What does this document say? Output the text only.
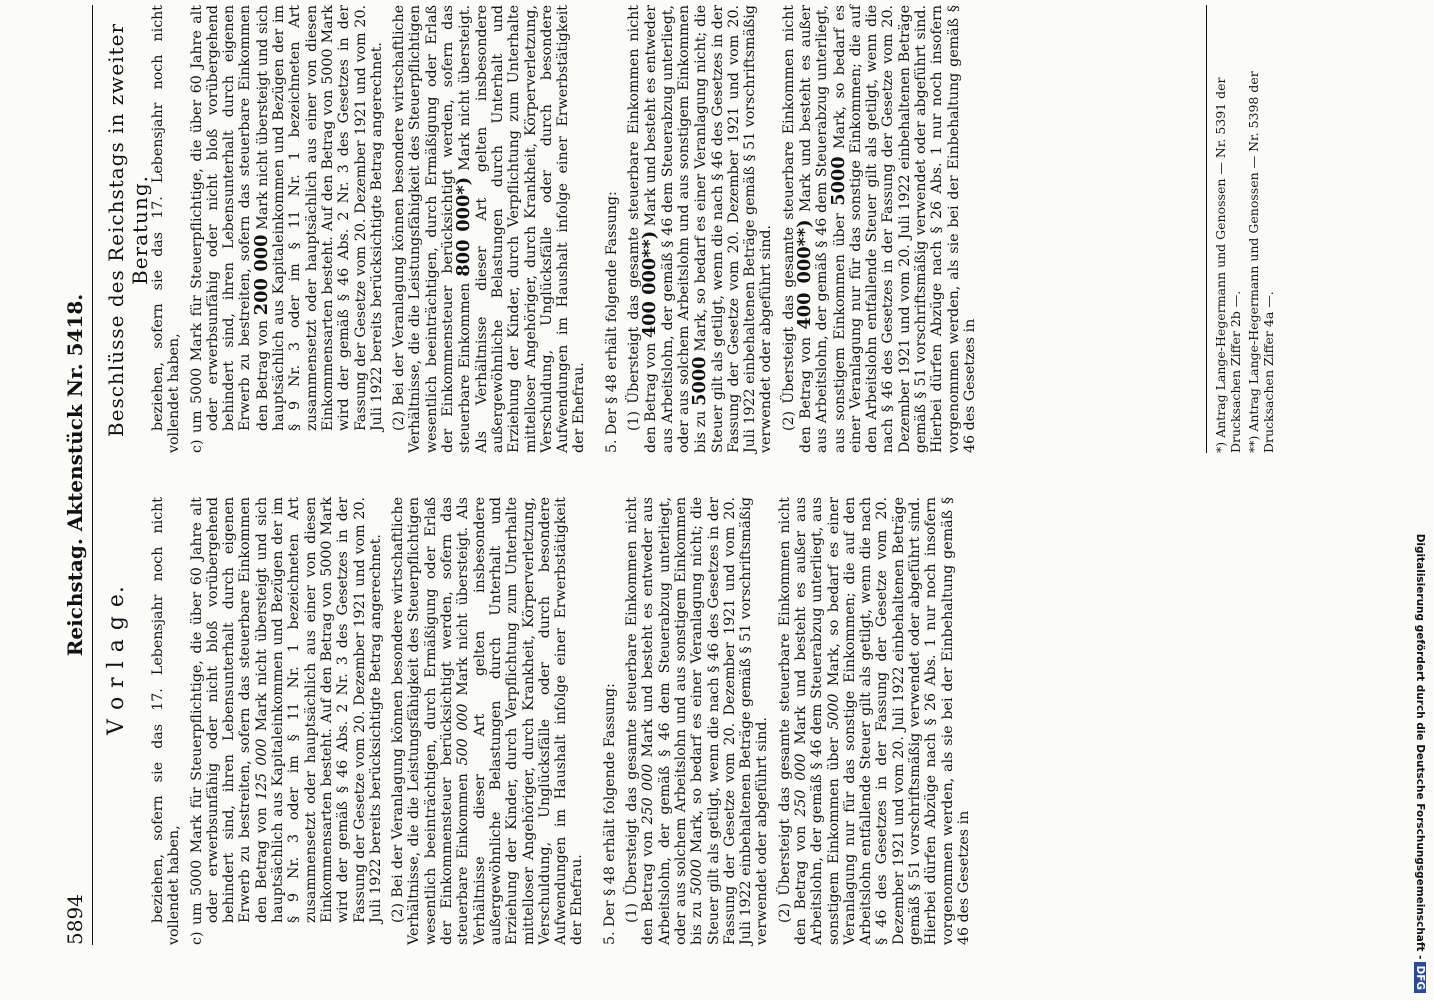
5894
Reichstag. Aktenstück Nr. 5418.
V o r l a g e. beziehen, sofern sie das 17. Lebensjahr noch nicht vollendet haben, c) um 5000 Mark für Steuerpflichtige, die über 60 Jahre alt oder erwerbsunfähig oder nicht bloß vorübergehend behindert sind, ihren Lebensunterhalt durch eigenen Erwerb zu bestreiten, sofern das steuerbare Einkommen den Betrag von 125 000 Mark nicht übersteigt und sich hauptsächlich aus Kapitaleinkommen und Bezügen der im § 9 Nr. 3 oder im § 11 Nr. 1 bezeichneten Art zusammensetzt oder hauptsächlich aus einer von diesen Einkommensarten besteht. Auf den Betrag von 5000 Mark wird der gemäß § 46 Abs. 2 Nr. 3 des Gesetzes in der Fassung der Gesetze vom 20. Dezember 1921 und vom 20. Juli 1922 bereits berücksichtigte Betrag angerechnet. (2) Bei der Veranlagung können besondere wirtschaftliche Verhältnisse, die die Leistungsfähigkeit des Steuerpflichtigen wesentlich beeinträchtigen, durch Ermäßigung oder Erlaß der Einkommensteuer berücksichtigt werden, sofern das steuerbare Einkommen 500 000 Mark nicht übersteigt. Als Verhältnisse dieser Art gelten insbesondere außergewöhnliche Belastungen durch Unterhalt und Erziehung der Kinder, durch Verpflichtung zum Unterhalte mittelloser Angehöriger, durch Krankheit, Körperverletzung, Verschuldung, Unglücksfälle oder durch besondere Aufwendungen im Haushalt infolge einer Erwerbstätigkeit der Ehefrau. 5. Der § 48 erhält folgende Fassung: (1) Übersteigt das gesamte steuerbare Einkommen nicht den Betrag von 250 000 Mark und besteht es entweder aus Arbeitslohn, der gemäß § 46 dem Steuerabzug unterliegt, oder aus solchem Arbeitslohn und aus sonstigem Einkommen bis zu 5000 Mark, so bedarf es einer Veranlagung nicht; die Steuer gilt als getilgt, wenn die nach § 46 des Gesetzes in der Fassung der Gesetze vom 20. Dezember 1921 und vom 20. Juli 1922 einbehaltenen Beträge gemäß § 51 vorschriftsmäßig verwendet oder abgeführt sind. (2) Übersteigt das gesamte steuerbare Einkommen nicht den Betrag von 250 000 Mark und besteht es außer aus Arbeitslohn, der gemäß § 46 dem Steuerabzug unterliegt, aus sonstigem Einkommen über 5000 Mark, so bedarf es einer Veranlagung nur für das sonstige Einkommen; die auf den Arbeitslohn entfallende Steuer gilt als getilgt, wenn die nach § 46 des Gesetzes in der Fassung der Gesetze vom 20. Dezember 1921 und vom 20. Juli 1922 einbehaltenen Beträge gemäß § 51 vorschriftsmäßig verwendet oder abgeführt sind. Hierbei dürfen Abzüge nach § 26 Abs. 1 nur noch insofern vorgenommen werden, als sie bei der Einbehaltung gemäß § 46 des Gesetzes in

Beschlüsse des Reichstags in zweiter Beratung.

beziehen, sofern sie das 17. Lebensjahr noch nicht vollendet haben, c) um 5000 Mark für Steuerpflichtige, die über 60 Jahre alt oder erwerbsunfähig oder nicht bloß vorübergehend behindert sind, ihren Lebensunterhalt durch eigenen Erwerb zu bestreiten, sofern das steuerbare Einkommen den Betrag von 200 000 Mark nicht übersteigt und sich hauptsächlich aus Kapitaleinkommen und Bezügen der im § 9 Nr. 3 oder im § 11 Nr. 1 bezeichneten Art zusammensetzt oder hauptsächlich aus einer von diesen Einkommensarten besteht. Auf den Betrag von 5000 Mark wird der gemäß § 46 Abs. 2 Nr. 3 des Gesetzes in der Fassung der Gesetze vom 20. Dezember 1921 und vom 20. Juli 1922 bereits berücksichtigte Betrag angerechnet. (2) Bei der Veranlagung können besondere wirtschaftliche Verhältnisse, die die Leistungsfähigkeit des Steuerpflichtigen wesentlich beeinträchtigen, durch Ermäßigung oder Erlaß der Einkommensteuer berücksichtigt werden, sofern das steuerbare Einkommen 800 000*) Mark nicht übersteigt. Als Verhältnisse dieser Art gelten insbesondere außergewöhnliche Belastungen durch Unterhalt und Erziehung der Kinder, durch Verpflichtung zum Unterhalte mittelloser Angehöriger, durch Krankheit, Körperverletzung, Verschuldung, Unglücksfälle oder durch besondere Aufwendungen im Haushalt infolge einer Erwerbstätigkeit der Ehefrau. 5. Der § 48 erhält folgende Fassung: (1) Übersteigt das gesamte steuerbare Einkommen nicht den Betrag von 400 000**) Mark und besteht es entweder aus Arbeitslohn, der gemäß § 46 dem Steuerabzug unterliegt, oder aus solchem Arbeitslohn und aus sonstigem Einkommen bis zu 5000 Mark, so bedarf es einer Veranlagung nicht; die Steuer gilt als getilgt, wenn die nach § 46 des Gesetzes in der Fassung der Gesetze vom 20. Dezember 1921 und vom 20. Juli 1922 einbehaltenen Beträge gemäß § 51 vorschriftsmäßig verwendet oder abgeführt sind. (2) Übersteigt das gesamte steuerbare Einkommen nicht den Betrag von 400 000**) Mark und besteht es außer aus Arbeitslohn, der gemäß § 46 dem Steuerabzug unterliegt, aus sonstigem Einkommen über 5000 Mark, so bedarf es einer Veranlagung nur für das sonstige Einkommen; die auf den Arbeitslohn entfallende Steuer gilt als getilgt, wenn die nach § 46 des Gesetzes in der Fassung der Gesetze vom 20. Dezember 1921 und vom 20. Juli 1922 einbehaltenen Beträge gemäß § 51 vorschriftsmäßig verwendet oder abgeführt sind. Hierbei dürfen Abzüge nach § 26 Abs. 1 nur noch insofern vorgenommen werden, als sie bei der Einbehaltung gemäß § 46 des Gesetzes in	*) Antrag Lange-Hegermann und Genossen — Nr. 5391 der Drucksachen Ziffer 2b —. **) Antrag Lange-Hegermann und Genossen — Nr. 5398 der Drucksachen Ziffer 4a —.

Digitalisierung gefördert durch die Deutsche Forschungsgemeinschaft -DFG
